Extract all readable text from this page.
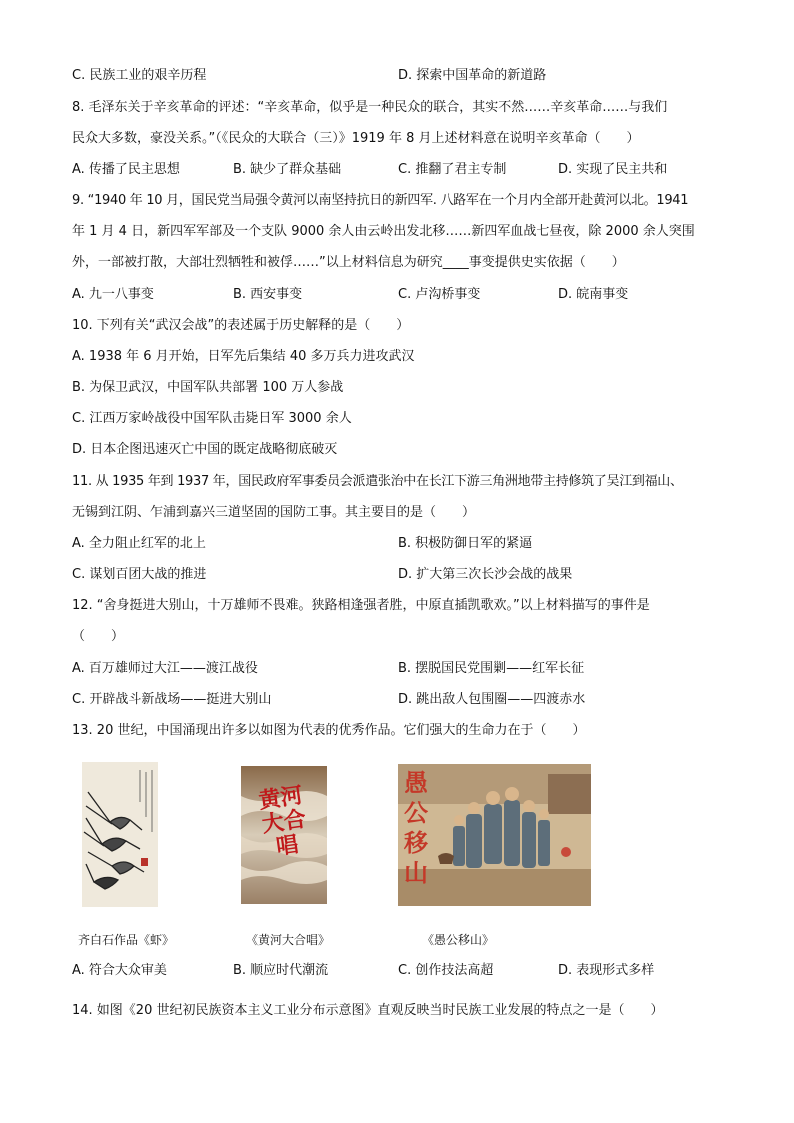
C. 民族工业的艰辛历程	D. 探索中国革命的新道路
8. 毛泽东关于辛亥革命的评述：“辛亥革命，似乎是一种民众的联合，其实不然……辛亥革命……与我们
民众大多数，豪没关系。”（《民众的大联合（三）》1919 年 8 月上述材料意在说明辛亥革命（　　）
A. 传播了民主思想	B. 缺少了群众基础	C. 推翻了君主专制	D. 实现了民主共和
9. “1940 年 10 月，国民党当局强令黄河以南坚持抗日的新四军. 八路军在一个月内全部开赴黄河以北。1941
年 1 月 4 日，新四军军部及一个支队 9000 余人由云岭出发北移……新四军血战七昼夜，除 2000 余人突围
外，一部被打散，大部壮烈牺牲和被俘……”以上材料信息为研究____事变提供史实依据（　　）
A. 九一八事变	B. 西安事变	C. 卢沟桥事变	D. 皖南事变
10. 下列有关“武汉会战”的表述属于历史解释的是（　　）
A. 1938 年 6 月开始，日军先后集结 40 多万兵力进攻武汉
B. 为保卫武汉，中国军队共部署 100 万人参战
C. 江西万家岭战役中国军队击毙日军 3000 余人
D. 日本企图迅速灭亡中国的既定战略彻底破灭
11. 从 1935 年到 1937 年，国民政府军事委员会派遣张治中在长江下游三角洲地带主持修筑了吴江到福山、
无锡到江阴、乍浦到嘉兴三道坚固的国防工事。其主要目的是（　　）
A. 全力阻止红军的北上	B. 积极防御日军的紧逼
C. 谋划百团大战的推进	D. 扩大第三次长沙会战的战果
12. “舍身挺进大别山，十万雄师不畏难。狭路相逢强者胜，中原直插凯歌欢。”以上材料描写的事件是
（　　）
A. 百万雄师过大江——渡江战役	B. 摆脱国民党围剿——红军长征
C. 开辟战斗新战场——挺进大别山	D. 跳出敌人包围圈——四渡赤水
13. 20 世纪，中国涌现出许多以如图为代表的优秀作品。它们强大的生命力在于（　　）
齐白石作品《虾》
黄河大合唱
《黄河大合唱》
愚公移山
《愚公移山》
A. 符合大众审美	B. 顺应时代潮流	C. 创作技法高超	D. 表现形式多样
14. 如图《20 世纪初民族资本主义工业分布示意图》直观反映当时民族工业发展的特点之一是（　　）
